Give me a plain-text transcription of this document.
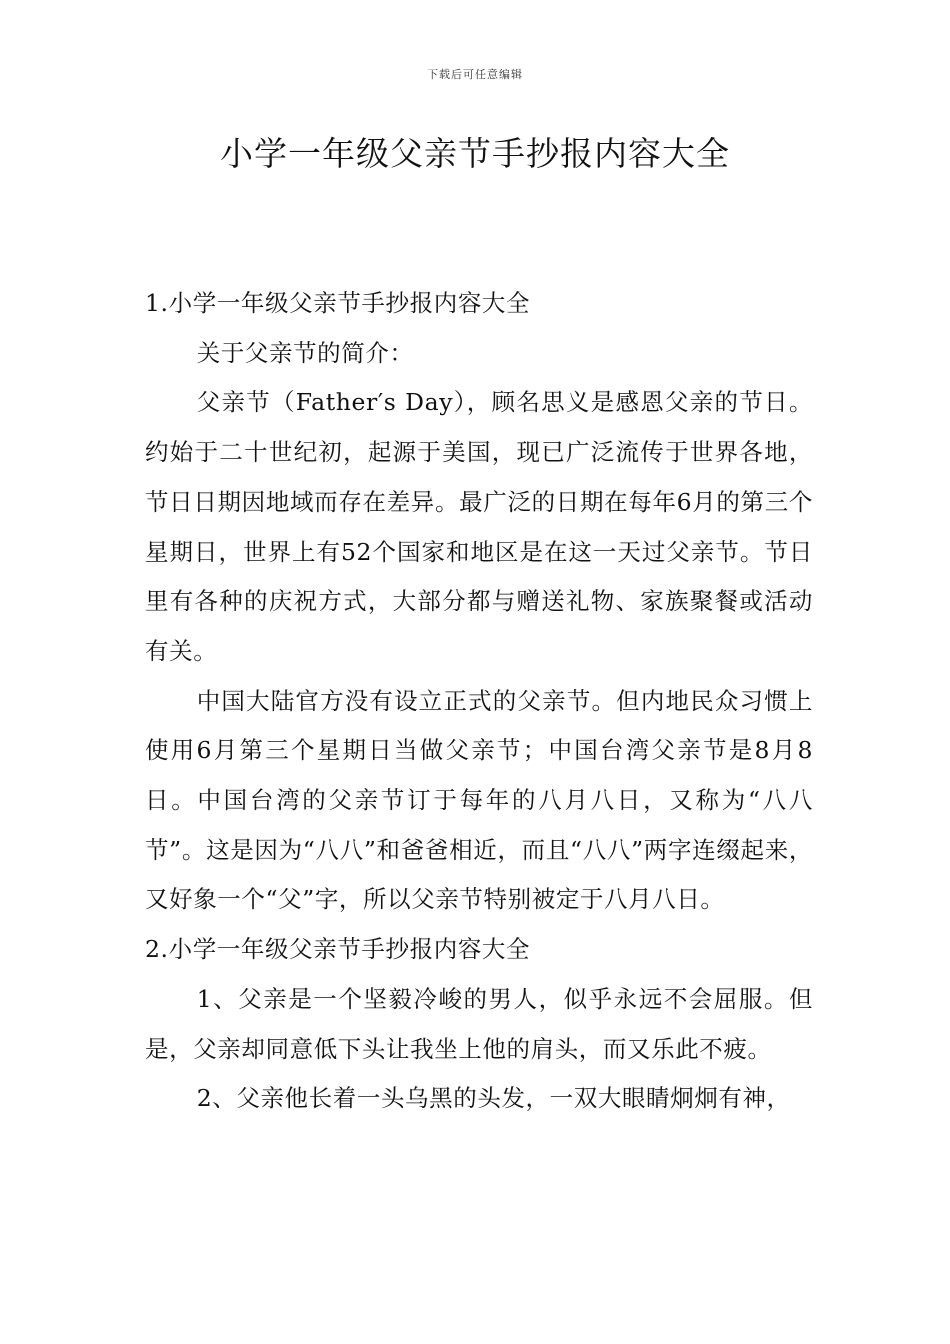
下载后可任意编辑
小学一年级父亲节手抄报内容大全

1.小学一年级父亲节手抄报内容大全

关于父亲节的简介：

父亲节（Father′s Day），顾名思义是感恩父亲的节日。约始于二十世纪初，起源于美国，现已广泛流传于世界各地，节日日期因地域而存在差异。最广泛的日期在每年6月的第三个星期日，世界上有52个国家和地区是在这一天过父亲节。节日里有各种的庆祝方式，大部分都与赠送礼物、家族聚餐或活动有关。

中国大陆官方没有设立正式的父亲节。但内地民众习惯上使用6月第三个星期日当做父亲节；中国台湾父亲节是8月8日。中国台湾的父亲节订于每年的八月八日，又称为“八八节”。这是因为“八八”和爸爸相近，而且“八八”两字连缀起来，又好象一个“父”字，所以父亲节特别被定于八月八日。

2.小学一年级父亲节手抄报内容大全

1、父亲是一个坚毅冷峻的男人，似乎永远不会屈服。但是，父亲却同意低下头让我坐上他的肩头，而又乐此不疲。

2、父亲他长着一头乌黑的头发，一双大眼睛炯炯有神，
